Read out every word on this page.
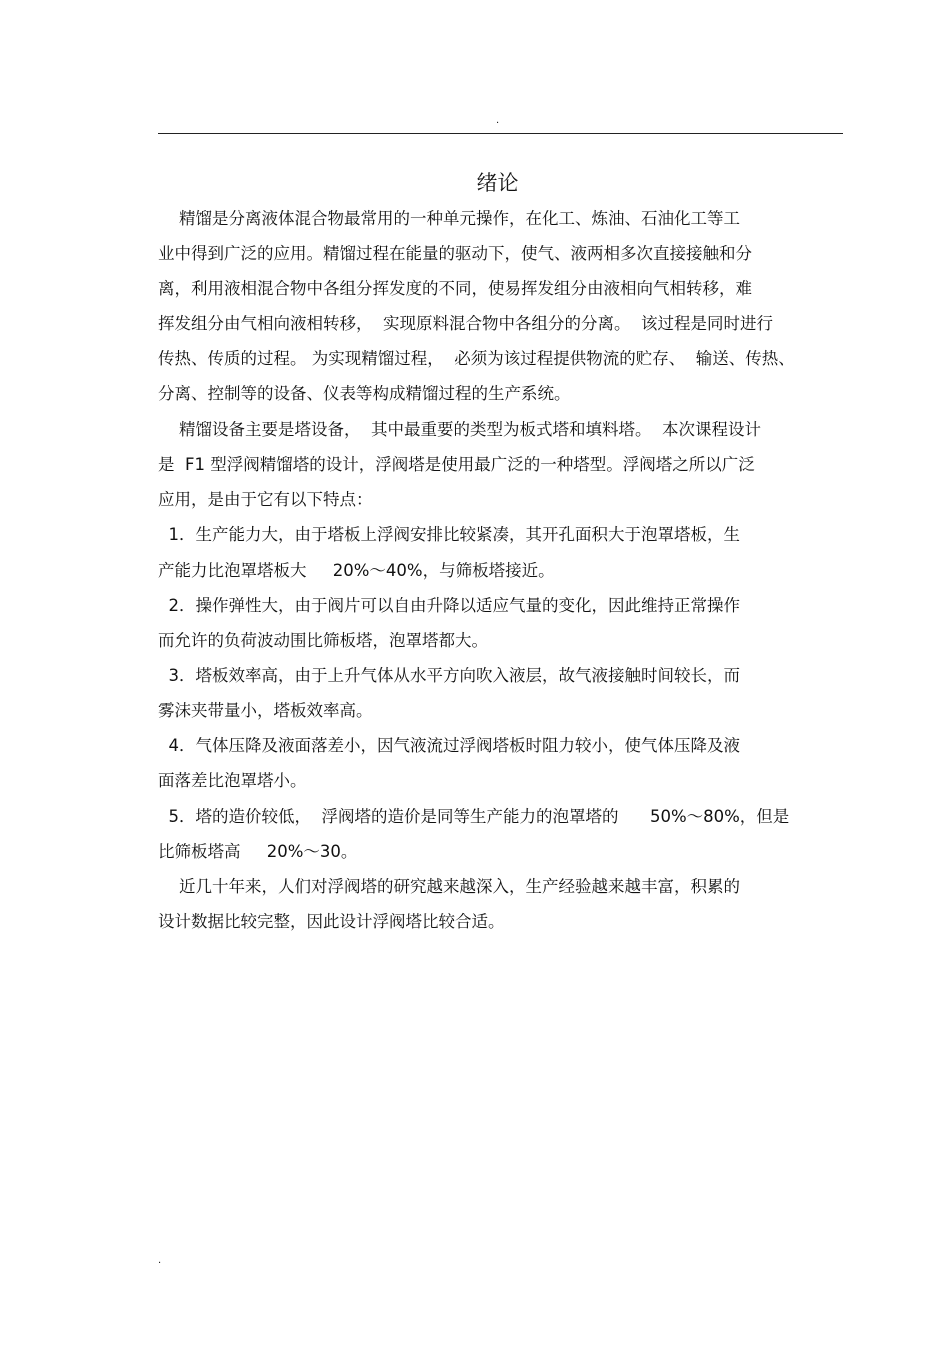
.
绪论
精馏是分离液体混合物最常用的一种单元操作，在化工、炼油、石油化工等工
业中得到广泛的应用。精馏过程在能量的驱动下，使气、液两相多次直接接触和分
离，利用液相混合物中各组分挥发度的不同，使易挥发组分由液相向气相转移，难
挥发组分由气相向液相转移，  实现原料混合物中各组分的分离。  该过程是同时进行
传热、传质的过程。 为实现精馏过程，  必须为该过程提供物流的贮存、  输送、传热、
分离、控制等的设备、仪表等构成精馏过程的生产系统。
精馏设备主要是塔设备，  其中最重要的类型为板式塔和填料塔。  本次课程设计
是  F1 型浮阀精馏塔的设计，浮阀塔是使用最广泛的一种塔型。浮阀塔之所以广泛
应用，是由于它有以下特点：
1．生产能力大，由于塔板上浮阀安排比较紧凑，其开孔面积大于泡罩塔板，生
产能力比泡罩塔板大     20%～40%，与筛板塔接近。
2．操作弹性大，由于阀片可以自由升降以适应气量的变化，因此维持正常操作
而允许的负荷波动围比筛板塔，泡罩塔都大。
3．塔板效率高，由于上升气体从水平方向吹入液层，故气液接触时间较长，而
雾沫夹带量小，塔板效率高。
4．气体压降及液面落差小，因气液流过浮阀塔板时阻力较小，使气体压降及液
面落差比泡罩塔小。
5．塔的造价较低，  浮阀塔的造价是同等生产能力的泡罩塔的      50%～80%，但是
比筛板塔高     20%～30。
近几十年来，人们对浮阀塔的研究越来越深入，生产经验越来越丰富，积累的
设计数据比较完整，因此设计浮阀塔比较合适。
.
